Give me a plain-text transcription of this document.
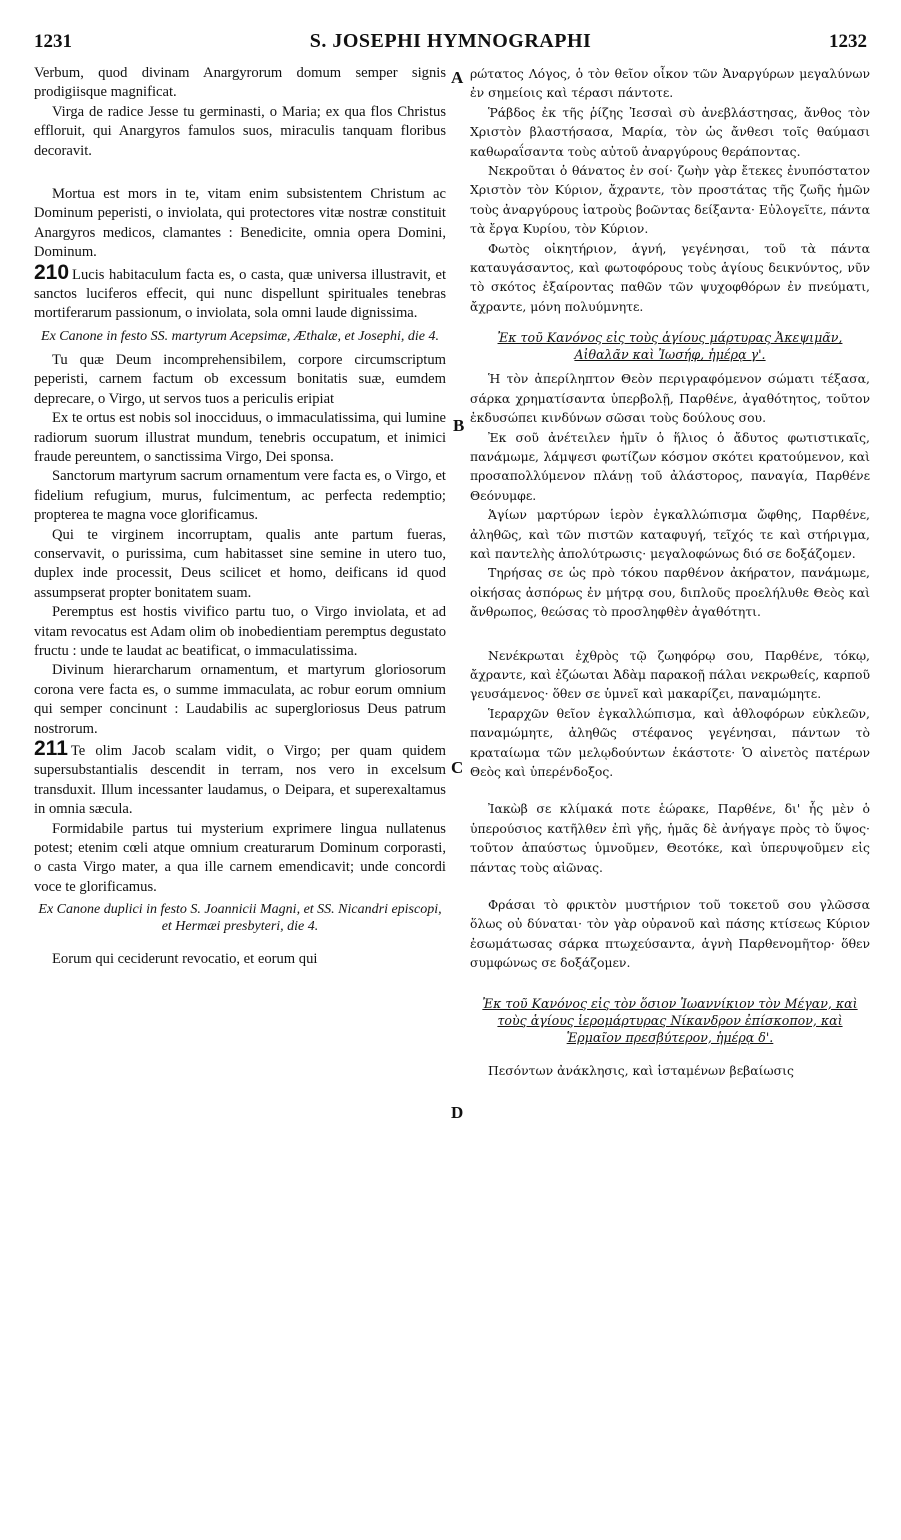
1231	S. JOSEPHI HYMNOGRAPHI	1232
A
B
C
D

Verbum, quod divinam Anargyrorum domum semper signis prodigiisque magnificat.

Virga de radice Jesse tu germinasti, o Maria; ex qua flos Christus effloruit, qui Anargyros famulos suos, miraculis tanquam floribus decoravit.

Mortua est mors in te, vitam enim subsistentem Christum ac Dominum peperisti, o inviolata, qui protectores vitæ nostræ constituit Anargyros medicos, clamantes : Benedicite, omnia opera Domini, Dominum.

210 Lucis habitaculum facta es, o casta, quæ universa illustravit, et sanctos luciferos effecit, qui nunc dispellunt spirituales tenebras mortiferarum passionum, o inviolata, sola omni laude dignissima.

Ex Canone in festo SS. martyrum Acepsimæ, Æthalæ, et Josephi, die 4.

Tu quæ Deum incomprehensibilem, corpore circumscriptum peperisti, carnem factum ob excessum bonitatis suæ, eumdem deprecare, o Virgo, ut servos tuos a periculis eripiat

Ex te ortus est nobis sol inocciduus, o immaculatissima, qui lumine radiorum suorum illustrat mundum, tenebris occupatum, et inimici fraude pereuntem, o sanctissima Virgo, Dei sponsa.

Sanctorum martyrum sacrum ornamentum vere facta es, o Virgo, et fidelium refugium, murus, fulcimentum, ac perfecta redemptio; propterea te magna voce glorificamus.

Qui te virginem incorruptam, qualis ante partum fueras, conservavit, o purissima, cum habitasset sine semine in utero tuo, duplex inde processit, Deus scilicet et homo, deificans id quod assumpserat propter bonitatem suam.

Peremptus est hostis vivifico partu tuo, o Virgo inviolata, et ad vitam revocatus est Adam olim ob inobedientiam peremptus degustato fructu : unde te laudat ac beatificat, o immaculatissima.

Divinum hierarcharum ornamentum, et martyrum gloriosorum corona vere facta es, o summe immaculata, ac robur eorum omnium qui semper concinunt : Laudabilis ac supergloriosus Deus patrum nostrorum.

211 Te olim Jacob scalam vidit, o Virgo; per quam quidem supersubstantialis descendit in terram, nos vero in excelsum transduxit. Illum incessanter laudamus, o Deipara, et superexaltamus in omnia sæcula.

Formidabile partus tui mysterium exprimere lingua nullatenus potest; etenim cœli atque omnium creaturarum Dominum corporasti, o casta Virgo mater, a qua ille carnem emendicavit; unde concordi voce te glorificamus.

Ex Canone duplici in festo S. Joannicii Magni, et SS. Nicandri episcopi, et Hermæi presbyteri, die 4.

Eorum qui ceciderunt revocatio, et eorum qui

ρώτατος Λόγος, ὁ τὸν θεῖον οἶκον τῶν Ἀναργύρων μεγαλύνων ἐν σημείοις καὶ τέρασι πάντοτε.

Ῥάβδος ἐκ τῆς ῥίζης Ἰεσσαὶ σὺ ἀνεβλάστησας, ἄνθος τὸν Χριστὸν βλαστήσασα, Μαρία, τὸν ὡς ἄνθεσι τοῖς θαύμασι καθωραΐσαντα τοὺς αὐτοῦ ἀναργύρους θεράποντας.

Νεκροῦται ὁ θάνατος ἐν σοί· ζωὴν γὰρ ἔτεκες ἐνυπόστατον Χριστὸν τὸν Κύριον, ἄχραντε, τὸν προστάτας τῆς ζωῆς ἡμῶν τοὺς ἀναργύρους ἰατροὺς βοῶντας δείξαντα· Εὐλογεῖτε, πάντα τὰ ἔργα Κυρίου, τὸν Κύριον.

Φωτὸς οἰκητήριον, ἁγνή, γεγένησαι, τοῦ τὰ πάντα καταυγάσαντος, καὶ φωτοφόρους τοὺς ἁγίους δεικνύντος, νῦν τὸ σκότος ἐξαίροντας παθῶν τῶν ψυχοφθόρων ἐν πνεύματι, ἄχραντε, μόνη πολυύμνητε.

Ἐκ τοῦ Κανόνος εἰς τοὺς ἁγίους μάρτυρας Ἀκεψιμᾶν, Αἰθαλᾶν καὶ Ἰωσήφ, ἡμέρᾳ γ'.

Ἡ τὸν ἀπερίληπτον Θεὸν περιγραφόμενον σώματι τέξασα, σάρκα χρηματίσαντα ὑπερβολῇ, Παρθένε, ἀγαθότητος, τοῦτον ἐκδυσώπει κινδύνων σῶσαι τοὺς δούλους σου.

Ἐκ σοῦ ἀνέτειλεν ἡμῖν ὁ ἥλιος ὁ ἄδυτος φωτιστικαῖς, πανάμωμε, λάμψεσι φωτίζων κόσμον σκότει κρατούμενον, καὶ προσαπολλύμενον πλάνῃ τοῦ ἀλάστορος, παναγία, Παρθένε Θεόνυμφε.

Ἁγίων μαρτύρων ἱερὸν ἐγκαλλώπισμα ὤφθης, Παρθένε, ἀληθῶς, καὶ τῶν πιστῶν καταφυγή, τεῖχός τε καὶ στήριγμα, καὶ παντελὴς ἀπολύτρωσις· μεγαλοφώνως διό σε δοξάζομεν.

Τηρήσας σε ὡς πρὸ τόκου παρθένον ἀκήρατον, πανάμωμε, οἰκήσας ἀσπόρως ἐν μήτρᾳ σου, διπλοῦς προελήλυθε Θεὸς καὶ ἄνθρωπος, θεώσας τὸ προσληφθὲν ἀγαθότητι.

Νενέκρωται ἐχθρὸς τῷ ζωηφόρῳ σου, Παρθένε, τόκῳ, ἄχραντε, καὶ ἐζώωται Ἀδὰμ παρακοῇ πάλαι νεκρωθείς, καρποῦ γευσάμενος· ὅθεν σε ὑμνεῖ καὶ μακαρίζει, παναμώμητε.

Ἱεραρχῶν θεῖον ἐγκαλλώπισμα, καὶ ἀθλοφόρων εὐκλεῶν, παναμώμητε, ἀληθῶς στέφανος γεγένησαι, πάντων τὸ κραταίωμα τῶν μελῳδούντων ἑκάστοτε· Ὁ αἰνετὸς πατέρων Θεὸς καὶ ὑπερένδοξος.

Ἰακὼβ σε κλίμακά ποτε ἑώρακε, Παρθένε, δι' ἧς μὲν ὁ ὑπερούσιος κατῆλθεν ἐπὶ γῆς, ἡμᾶς δὲ ἀνήγαγε πρὸς τὸ ὕψος· τοῦτον ἀπαύστως ὑμνοῦμεν, Θεοτόκε, καὶ ὑπερυψοῦμεν εἰς πάντας τοὺς αἰῶνας.

Φράσαι τὸ φρικτὸν μυστήριον τοῦ τοκετοῦ σου γλῶσσα ὅλως οὐ δύναται· τὸν γὰρ οὐρανοῦ καὶ πάσης κτίσεως Κύριον ἐσωμάτωσας σάρκα πτωχεύσαντα, ἁγνὴ Παρθενομῆτορ· ὅθεν συμφώνως σε δοξάζομεν.

Ἐκ τοῦ Κανόνος εἰς τὸν ὅσιον Ἰωαννίκιον τὸν Μέγαν, καὶ τοὺς ἁγίους ἱερομάρτυρας Νίκανδρον ἐπίσκοπον, καὶ Ἑρμαῖον πρεσβύτερον, ἡμέρᾳ δ'.

Πεσόντων ἀνάκλησις, καὶ ἱσταμένων βεβαίωσις
